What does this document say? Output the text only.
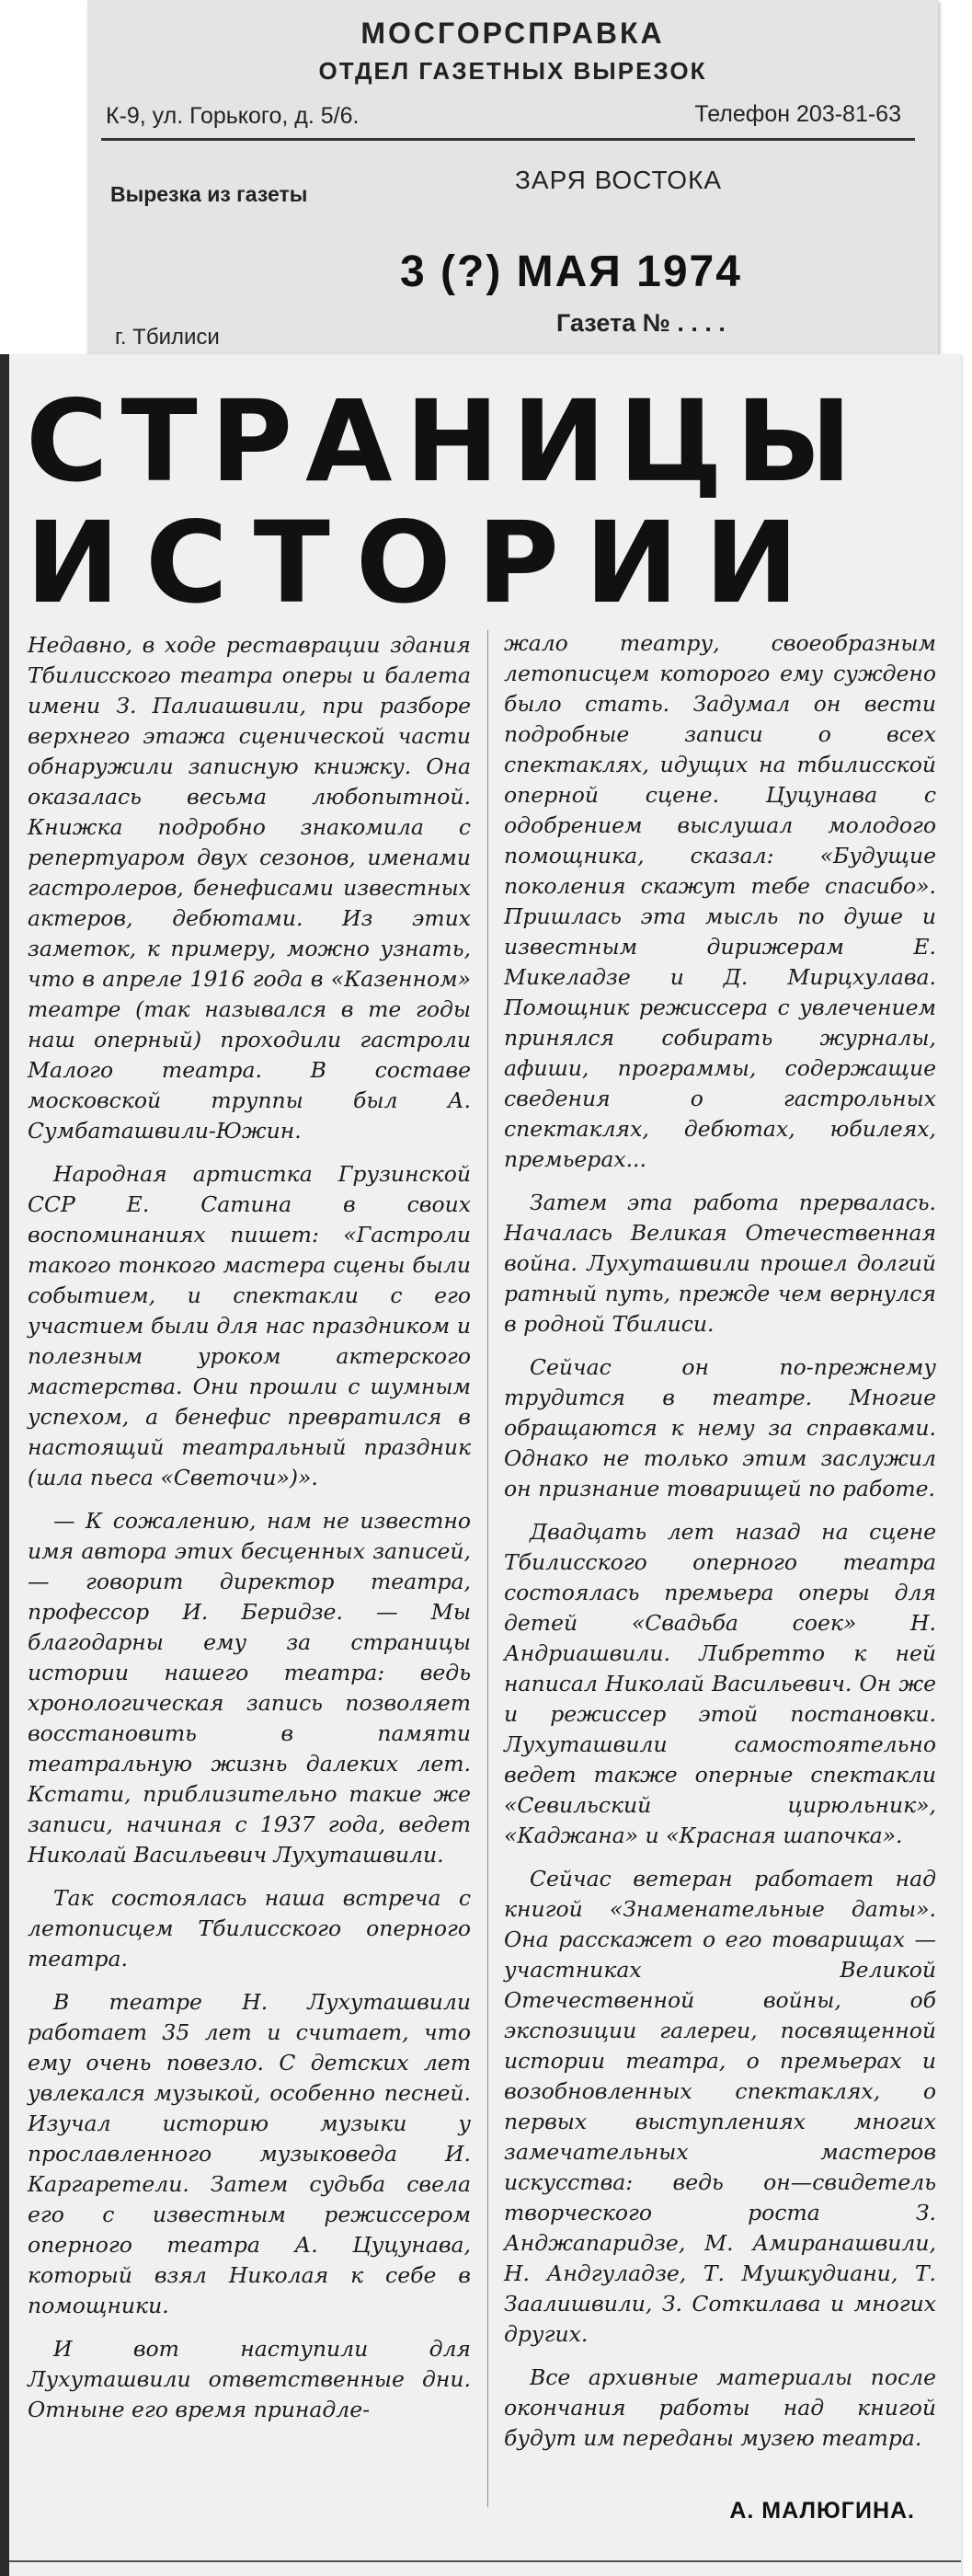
МОСГОРСПРАВКА
ОТДЕЛ ГАЗЕТНЫХ ВЫРЕЗОК
К-9, ул. Горького, д. 5/6.	Телефон 203-81-63
Вырезка из газеты	ЗАРЯ ВОСТОКА
3 (?) МАЯ 1974
г. Тбилиси
Газета № . . . .
СТРАНИЦЫ
ИСТОРИИ

Недавно, в ходе реставрации здания Тбилисского театра оперы и балета имени З. Палиашвили, при разборе верхнего этажа сценической части обнаружили записную книжку. Она оказалась весьма любопытной. Книжка подробно знакомила с репертуаром двух сезонов, именами гастролеров, бенефисами известных актеров, дебютами. Из этих заметок, к примеру, можно узнать, что в апреле 1916 года в «Казенном» театре (так назывался в те годы наш оперный) проходили гастроли Малого театра. В составе московской труппы был А. Сумбаташвили-Южин.

Народная артистка Грузинской ССР Е. Сатина в своих воспоминаниях пишет: «Гастроли такого тонкого мастера сцены были событием, и спектакли с его участием были для нас праздником и полезным уроком актерского мастерства. Они прошли с шумным успехом, а бенефис превратился в настоящий театральный праздник (шла пьеса «Светочи»)».

— К сожалению, нам не известно имя автора этих бесценных записей, — говорит директор театра, профессор И. Беридзе. — Мы благодарны ему за страницы истории нашего театра: ведь хронологическая запись позволяет восстановить в памяти театральную жизнь далеких лет. Кстати, приблизительно такие же записи, начиная с 1937 года, ведет Николай Васильевич Лухуташвили.

Так состоялась наша встреча с летописцем Тбилисского оперного театра.

В театре Н. Лухуташвили работает 35 лет и считает, что ему очень повезло. С детских лет увлекался музыкой, особенно песней. Изучал историю музыки у прославленного музыковеда И. Каргаретели. Затем судьба свела его с известным режиссером оперного театра А. Цуцунава, который взял Николая к себе в помощники.

И вот наступили для Лухуташвили ответственные дни. Отныне его время принадле-

жало театру, своеобразным летописцем которого ему суждено было стать. Задумал он вести подробные записи о всех спектаклях, идущих на тбилисской оперной сцене. Цуцунава с одобрением выслушал молодого помощника, сказал: «Будущие поколения скажут тебе спасибо». Пришлась эта мысль по душе и известным дирижерам Е. Микеладзе и Д. Мирцхулава. Помощник режиссера с увлечением принялся собирать журналы, афиши, программы, содержащие сведения о гастрольных спектаклях, дебютах, юбилеях, премьерах...

Затем эта работа прервалась. Началась Великая Отечественная война. Лухуташвили прошел долгий ратный путь, прежде чем вернулся в родной Тбилиси.

Сейчас он по-прежнему трудится в театре. Многие обращаются к нему за справками. Однако не только этим заслужил он признание товарищей по работе.

Двадцать лет назад на сцене Тбилисского оперного театра состоялась премьера оперы для детей «Свадьба соек» Н. Андриашвили. Либретто к ней написал Николай Васильевич. Он же и режиссер этой постановки. Лухуташвили самостоятельно ведет также оперные спектакли «Севильский цирюльник», «Каджана» и «Красная шапочка».

Сейчас ветеран работает над книгой «Знаменательные даты». Она расскажет о его товарищах — участниках Великой Отечественной войны, об экспозиции галереи, посвященной истории театра, о премьерах и возобновленных спектаклях, о первых выступлениях многих замечательных мастеров искусства: ведь он—свидетель творческого роста З. Анджапаридзе, М. Амиранашвили, Н. Андгуладзе, Т. Мушкудиани, Т. Заалишвили, З. Соткилава и многих других.

Все архивные материалы после окончания работы над книгой будут им переданы музею театра.

А. МАЛЮГИНА.
